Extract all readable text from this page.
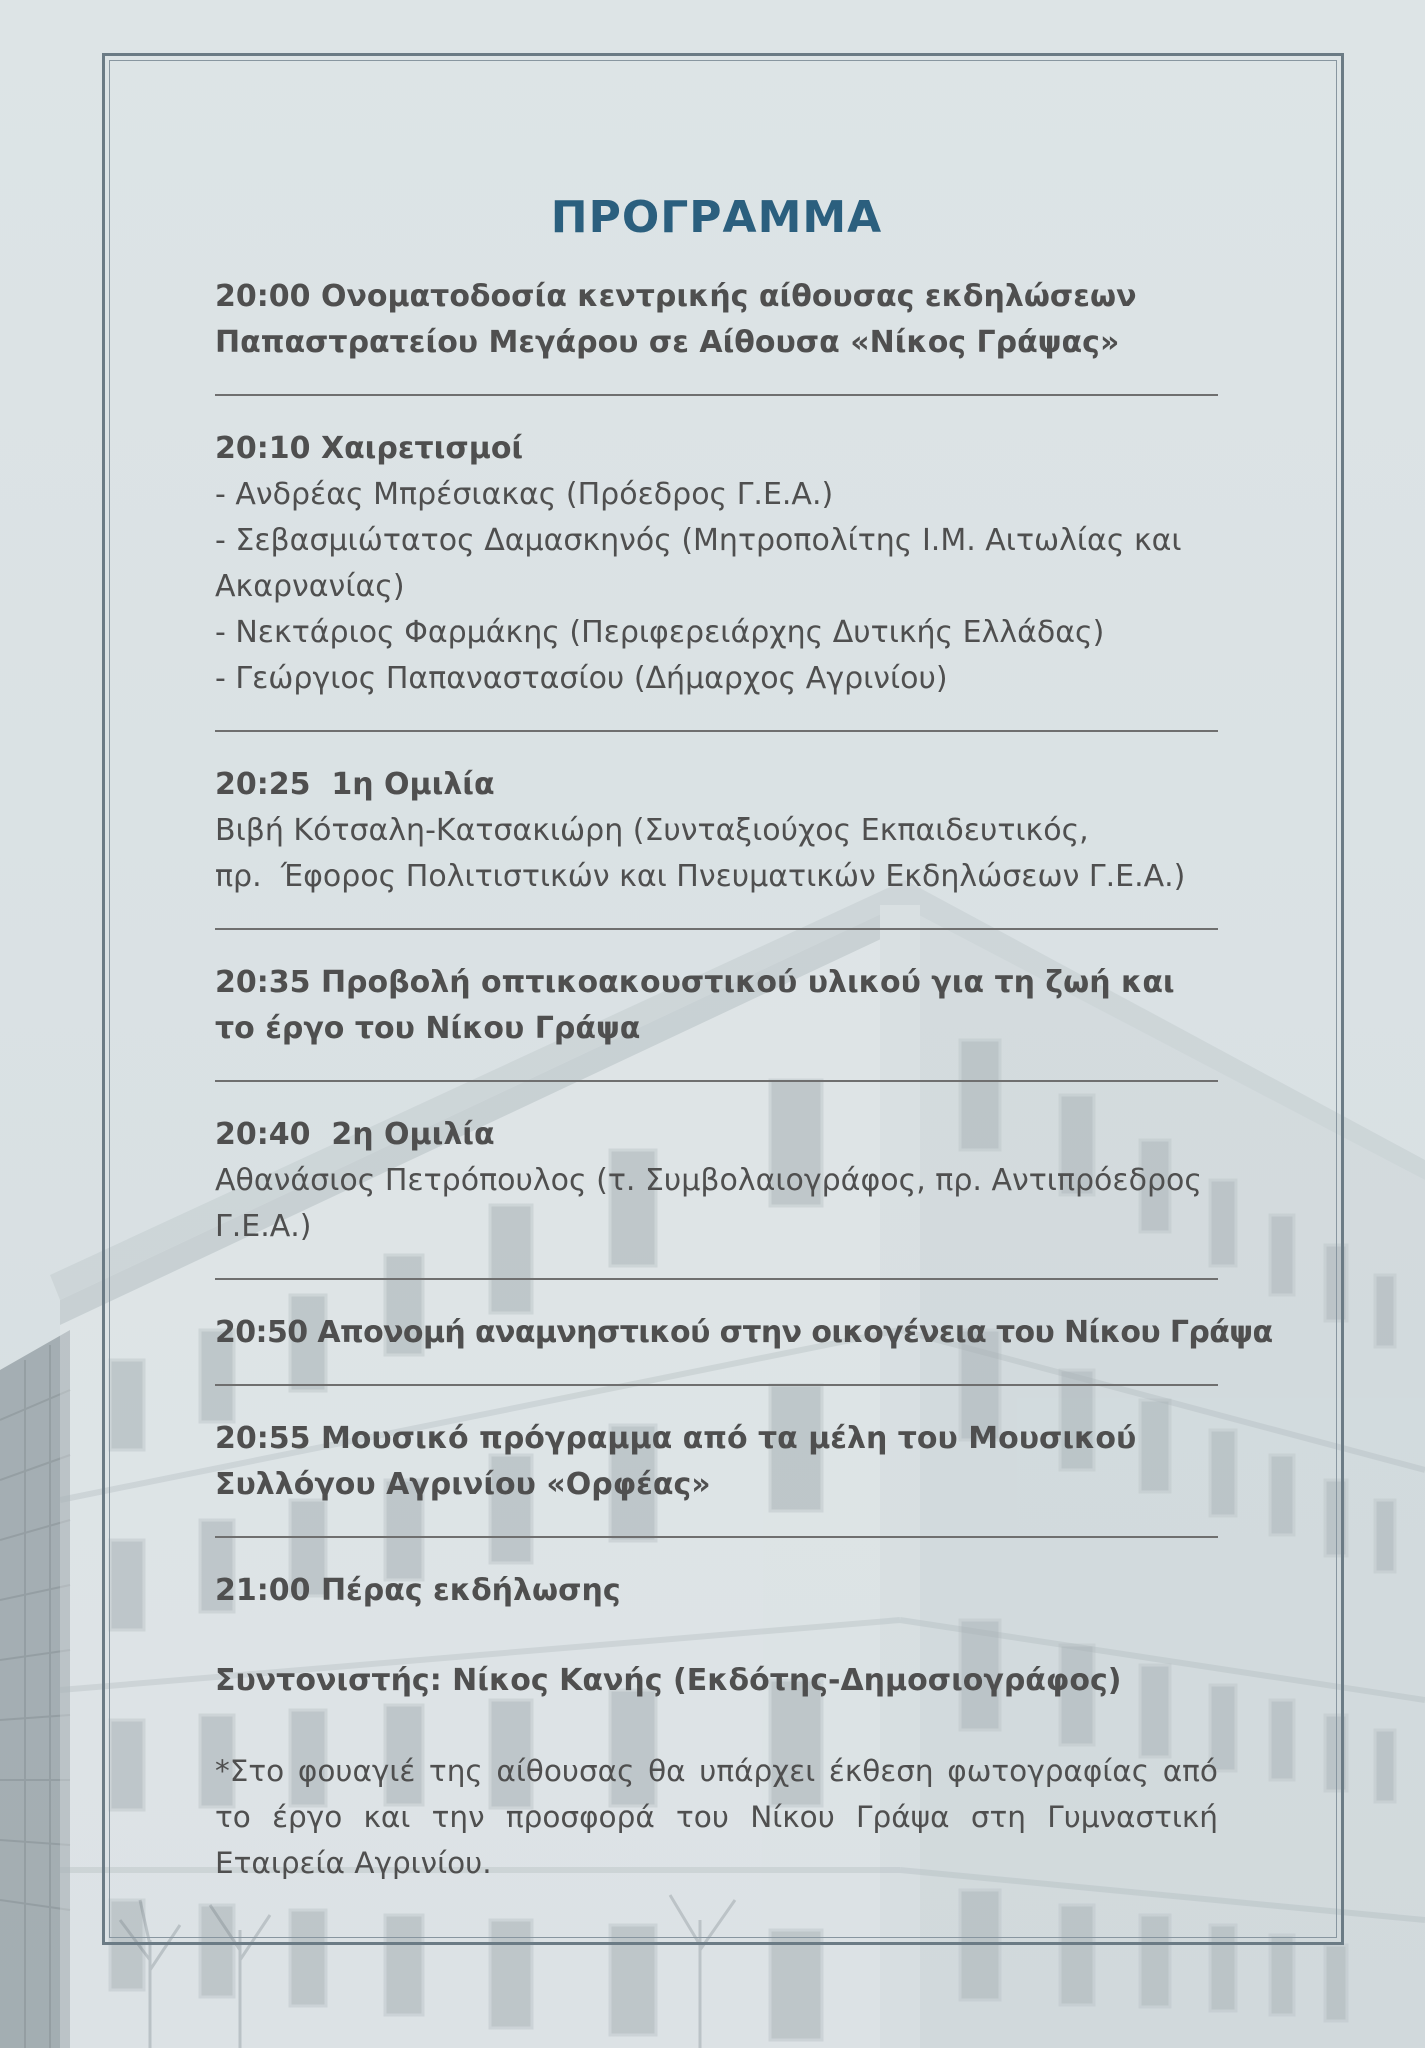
ΠΡΟΓΡΑΜΜΑ
20:00 Ονοματοδοσία κεντρικής αίθουσας εκδηλώσεων
Παπαστρατείου Μεγάρου σε Αίθουσα «Νίκος Γράψας»
20:10 Χαιρετισμοί
- Ανδρέας Μπρέσιακας (Πρόεδρος Γ.Ε.Α.)
- Σεβασμιώτατος Δαμασκηνός (Μητροπολίτης Ι.Μ. Αιτωλίας και
Ακαρνανίας)
- Νεκτάριος Φαρμάκης (Περιφερειάρχης Δυτικής Ελλάδας)
- Γεώργιος Παπαναστασίου (Δήμαρχος Αγρινίου)
20:25  1η Ομιλία
Βιβή Κότσαλη-Κατσακιώρη (Συνταξιούχος Εκπαιδευτικός,
πρ.  Έφορος Πολιτιστικών και Πνευματικών Εκδηλώσεων Γ.Ε.Α.)
20:35 Προβολή οπτικοακουστικού υλικού για τη ζωή και
το έργο του Νίκου Γράψα
20:40  2η Ομιλία
Αθανάσιος Πετρόπουλος (τ. Συμβολαιογράφος, πρ. Αντιπρόεδρος
Γ.Ε.Α.)
20:50 Απονομή αναμνηστικού στην οικογένεια του Νίκου Γράψα
20:55 Μουσικό πρόγραμμα από τα μέλη του Μουσικού
Συλλόγου Αγρινίου «Ορφέας»
21:00 Πέρας εκδήλωσης
Συντονιστής: Νίκος Κανής (Εκδότης-Δημοσιογράφος)
*Στο φουαγιέ της αίθουσας θα υπάρχει έκθεση φωτογραφίας από το έργο και την προσφορά του Νίκου Γράψα στη Γυμναστική Εταιρεία Αγρινίου.
